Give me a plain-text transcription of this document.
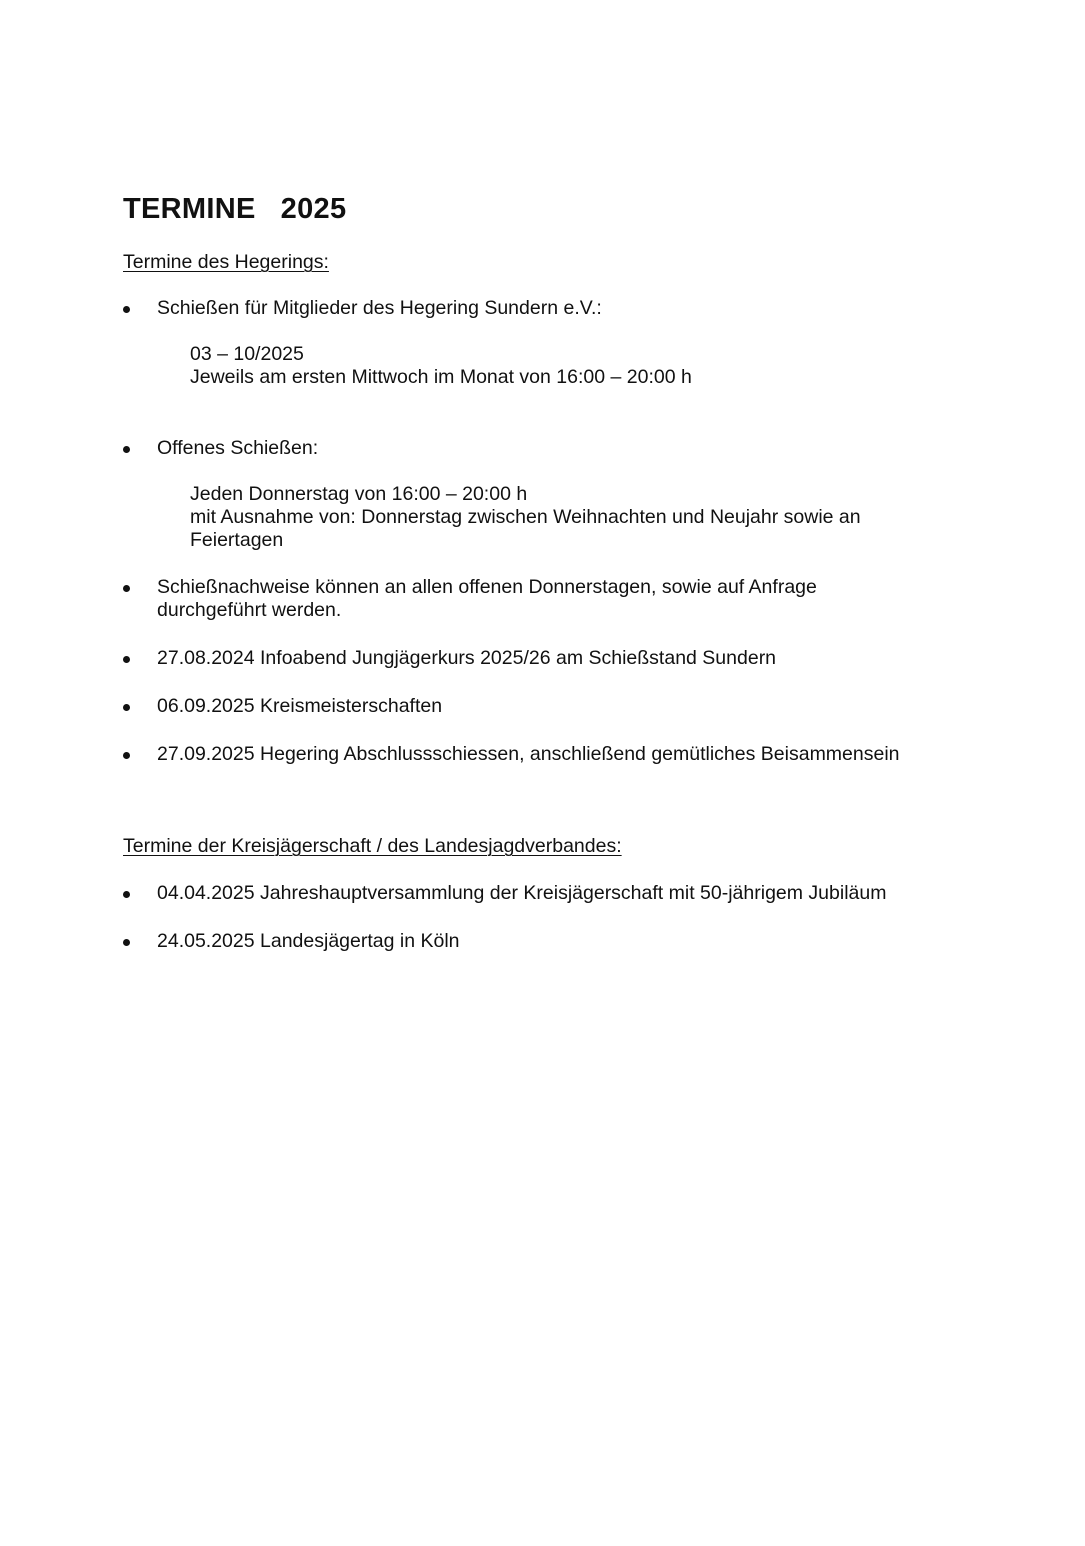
TERMINE   2025

Termine des Hegerings:

Schießen für Mitglieder des Hegering Sundern e.V.:
03 – 10/2025
Jeweils am ersten Mittwoch im Monat von 16:00 – 20:00 h
Offenes Schießen:
Jeden Donnerstag von 16:00 – 20:00 h
mit Ausnahme von: Donnerstag zwischen Weihnachten und Neujahr sowie an
Feiertagen
Schießnachweise können an allen offenen Donnerstagen, sowie auf Anfrage
durchgeführt werden.
27.08.2024 Infoabend Jungjägerkurs 2025/26 am Schießstand Sundern
06.09.2025 Kreismeisterschaften
27.09.2025 Hegering Abschlussschiessen, anschließend gemütliches Beisammensein

Termine der Kreisjägerschaft / des Landesjagdverbandes:

04.04.2025 Jahreshauptversammlung der Kreisjägerschaft mit 50-jährigem Jubiläum
24.05.2025 Landesjägertag in Köln
